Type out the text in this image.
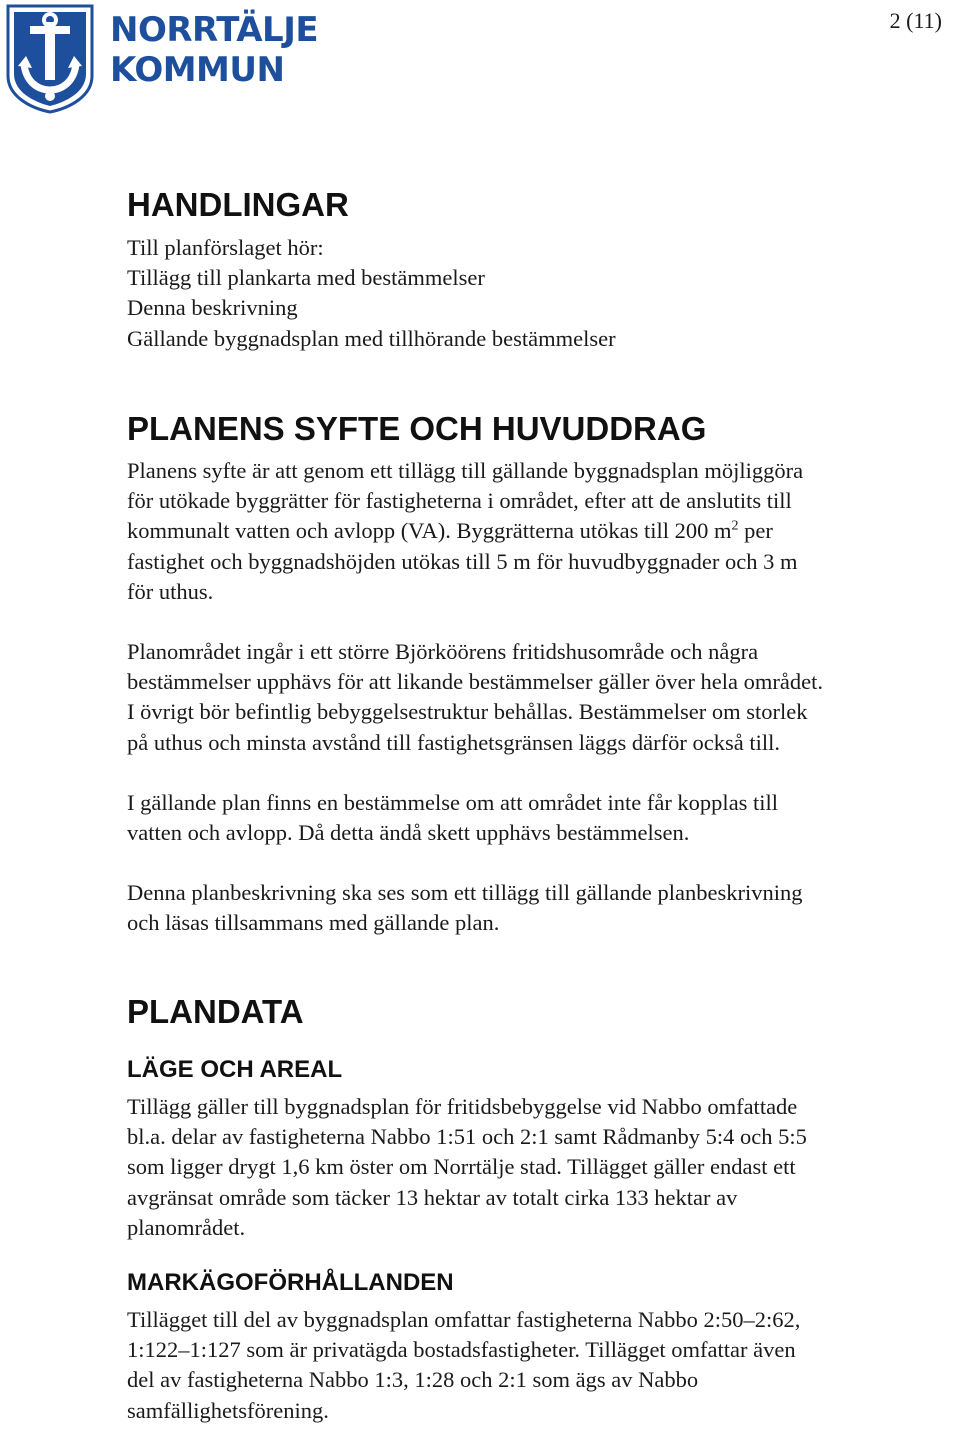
2 (11)
NORRTÄLJE
KOMMUN
HANDLINGAR
Till planförslaget hör:
Tillägg till plankarta med bestämmelser
Denna beskrivning
Gällande byggnadsplan med tillhörande bestämmelser
PLANENS SYFTE OCH HUVUDDRAG
Planens syfte är att genom ett tillägg till gällande byggnadsplan möjliggöra
för utökade byggrätter för fastigheterna i området, efter att de anslutits till
kommunalt vatten och avlopp (VA). Byggrätterna utökas till 200 $m^2$ per
fastighet och byggnadshöjden utökas till 5 m för huvudbyggnader och 3 m
för uthus.
Planområdet ingår i ett större Björköörens fritidshusområde och några
bestämmelser upphävs för att likande bestämmelser gäller över hela området.
I övrigt bör befintlig bebyggelsestruktur behållas. Bestämmelser om storlek
på uthus och minsta avstånd till fastighetsgränsen läggs därför också till.
I gällande plan finns en bestämmelse om att området inte får kopplas till
vatten och avlopp. Då detta ändå skett upphävs bestämmelsen.
Denna planbeskrivning ska ses som ett tillägg till gällande planbeskrivning
och läsas tillsammans med gällande plan.
PLANDATA
LÄGE OCH AREAL
Tillägg gäller till byggnadsplan för fritidsbebyggelse vid Nabbo omfattade
bl.a. delar av fastigheterna Nabbo 1:51 och 2:1 samt Rådmanby 5:4 och 5:5
som ligger drygt 1,6 km öster om Norrtälje stad. Tillägget gäller endast ett
avgränsat område som täcker 13 hektar av totalt cirka 133 hektar av
planområdet.
MARKÄGOFÖRHÅLLANDEN
Tillägget till del av byggnadsplan omfattar fastigheterna Nabbo 2:50–2:62,
1:122–1:127 som är privatägda bostadsfastigheter. Tillägget omfattar även
del av fastigheterna Nabbo 1:3, 1:28 och 2:1 som ägs av Nabbo
samfällighetsförening.
